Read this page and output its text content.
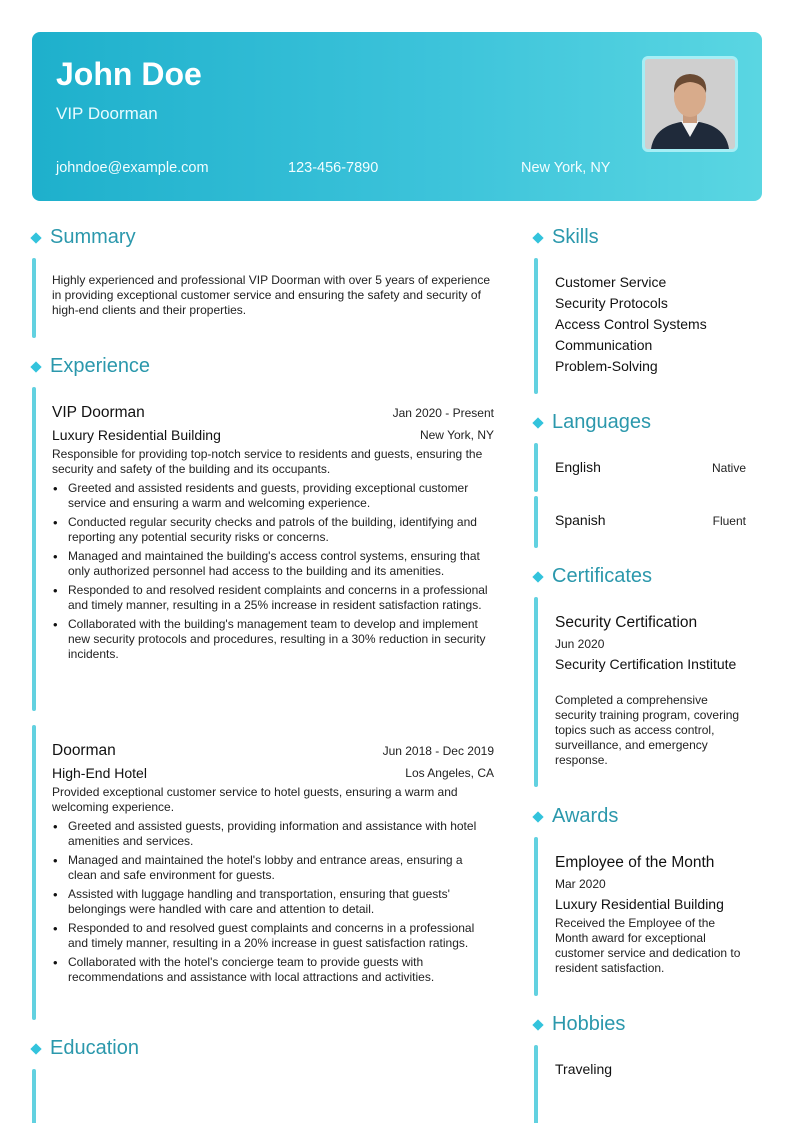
John Doe
VIP Doorman
johndoe@example.com	123-456-7890	New York, NY
Summary
Highly experienced and professional VIP Doorman with over 5 years of experience in providing exceptional customer service and ensuring the safety and security of high-end clients and their properties.
Experience
VIP Doorman	Jan 2020 - Present
Luxury Residential Building	New York, NY
Responsible for providing top-notch service to residents and guests, ensuring the security and safety of the building and its occupants.
• Greeted and assisted residents and guests, providing exceptional customer service and ensuring a warm and welcoming experience.
• Conducted regular security checks and patrols of the building, identifying and reporting any potential security risks or concerns.
• Managed and maintained the building's access control systems, ensuring that only authorized personnel had access to the building and its amenities.
• Responded to and resolved resident complaints and concerns in a professional and timely manner, resulting in a 25% increase in resident satisfaction ratings.
• Collaborated with the building's management team to develop and implement new security protocols and procedures, resulting in a 30% reduction in security incidents.
Doorman	Jun 2018 - Dec 2019
High-End Hotel	Los Angeles, CA
Provided exceptional customer service to hotel guests, ensuring a warm and welcoming experience.
• Greeted and assisted guests, providing information and assistance with hotel amenities and services.
• Managed and maintained the hotel's lobby and entrance areas, ensuring a clean and safe environment for guests.
• Assisted with luggage handling and transportation, ensuring that guests' belongings were handled with care and attention to detail.
• Responded to and resolved guest complaints and concerns in a professional and timely manner, resulting in a 20% increase in guest satisfaction ratings.
• Collaborated with the hotel's concierge team to provide guests with recommendations and assistance with local attractions and activities.
Education
Skills
Customer Service
Security Protocols
Access Control Systems
Communication
Problem-Solving
Languages
English	Native
Spanish	Fluent
Certificates
Security Certification
Jun 2020
Security Certification Institute
Completed a comprehensive security training program, covering topics such as access control, surveillance, and emergency response.
Awards
Employee of the Month
Mar 2020
Luxury Residential Building
Received the Employee of the Month award for exceptional customer service and dedication to resident satisfaction.
Hobbies
Traveling
